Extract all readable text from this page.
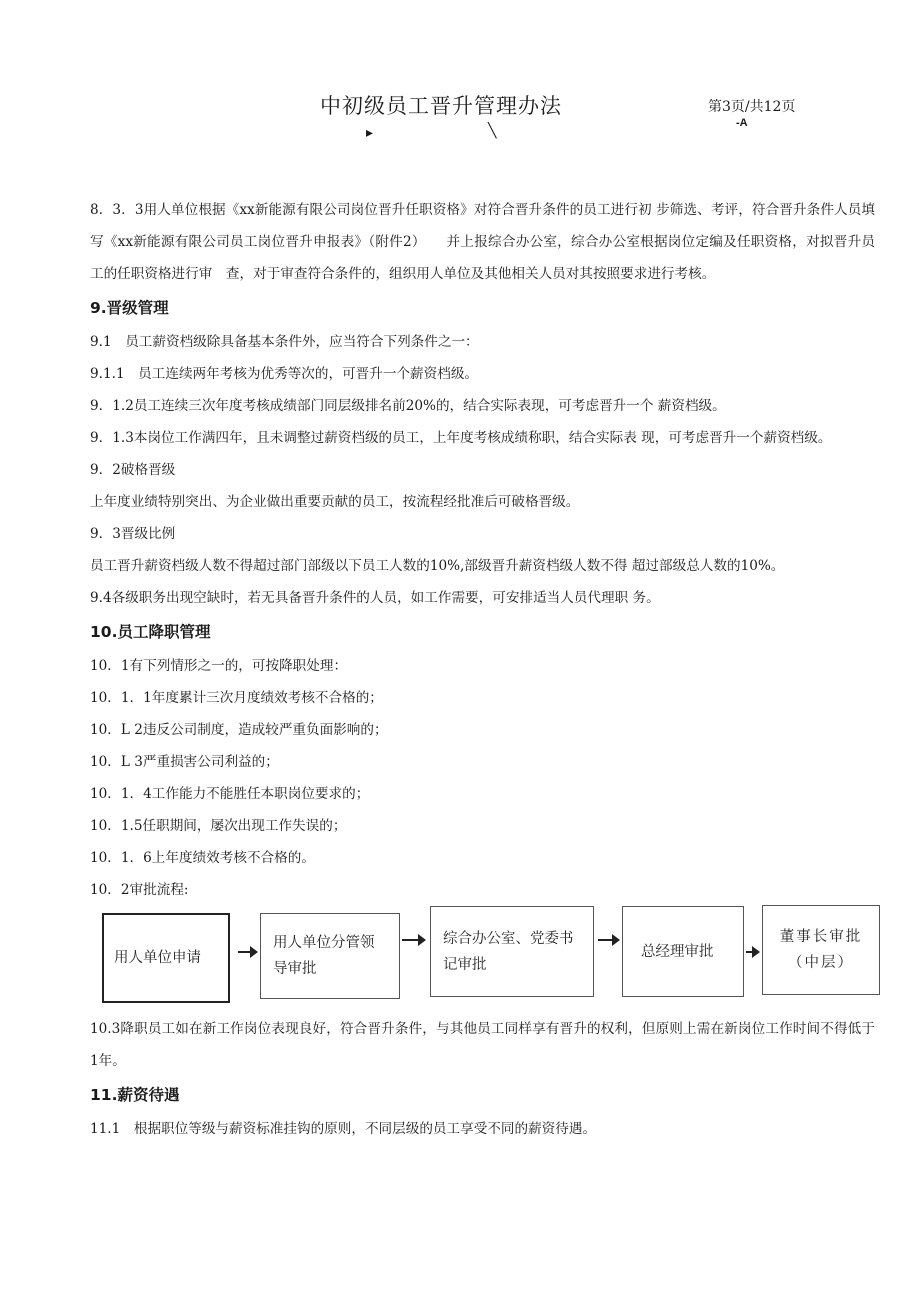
中初级员工晋升管理办法	第3页/共12页
-A
▸	╲

8．3．3用人单位根据《xx新能源有限公司岗位晋升任职资格》对符合晋升条件的员工进行初 步筛选、考评，符合晋升条件人员填写《xx新能源有限公司员工岗位晋升申报表》（附件2）　　并上报综合办公室，综合办公室根据岗位定编及任职资格，对拟晋升员工的任职资格进行审　查，对于审查符合条件的，组织用人单位及其他相关人员对其按照要求进行考核。

9.晋级管理

9.1　员工薪资档级除具备基本条件外，应当符合下列条件之一：

9.1.1　员工连续两年考核为优秀等次的，可晋升一个薪资档级。

9．1.2员工连续三次年度考核成绩部门同层级排名前20%的，结合实际表现，可考虑晋升一个 薪资档级。

9．1.3本岗位工作满四年，且未调整过薪资档级的员工，上年度考核成绩称职，结合实际表 现，可考虑晋升一个薪资档级。

9．2破格晋级

上年度业绩特别突出、为企业做出重要贡献的员工，按流程经批准后可破格晋级。

9．3晋级比例

员工晋升薪资档级人数不得超过部门部级以下员工人数的10%,部级晋升薪资档级人数不得 超过部级总人数的10%。

9.4各级职务出现空缺时，若无具备晋升条件的人员，如工作需要，可安排适当人员代理职 务。

10.员工降职管理

10．1有下列情形之一的，可按降职处理：

10．1．1年度累计三次月度绩效考核不合格的；

10．L 2违反公司制度，造成较严重负面影响的；

10．L 3严重损害公司利益的；

10．1．4工作能力不能胜任本职岗位要求的；

10．1.5任职期间，屡次出现工作失误的；

10．1．6上年度绩效考核不合格的。

10．2审批流程:

用人单位申请
用人单位分管领导审批
综合办公室、党委书记审批
总经理审批
董事长审批（中层）

10.3降职员工如在新工作岗位表现良好，符合晋升条件，与其他员工同样享有晋升的权利，但原则上需在新岗位工作时间不得低于1年。

11.薪资待遇

11.1　根据职位等级与薪资标准挂钩的原则，不同层级的员工享受不同的薪资待遇。
